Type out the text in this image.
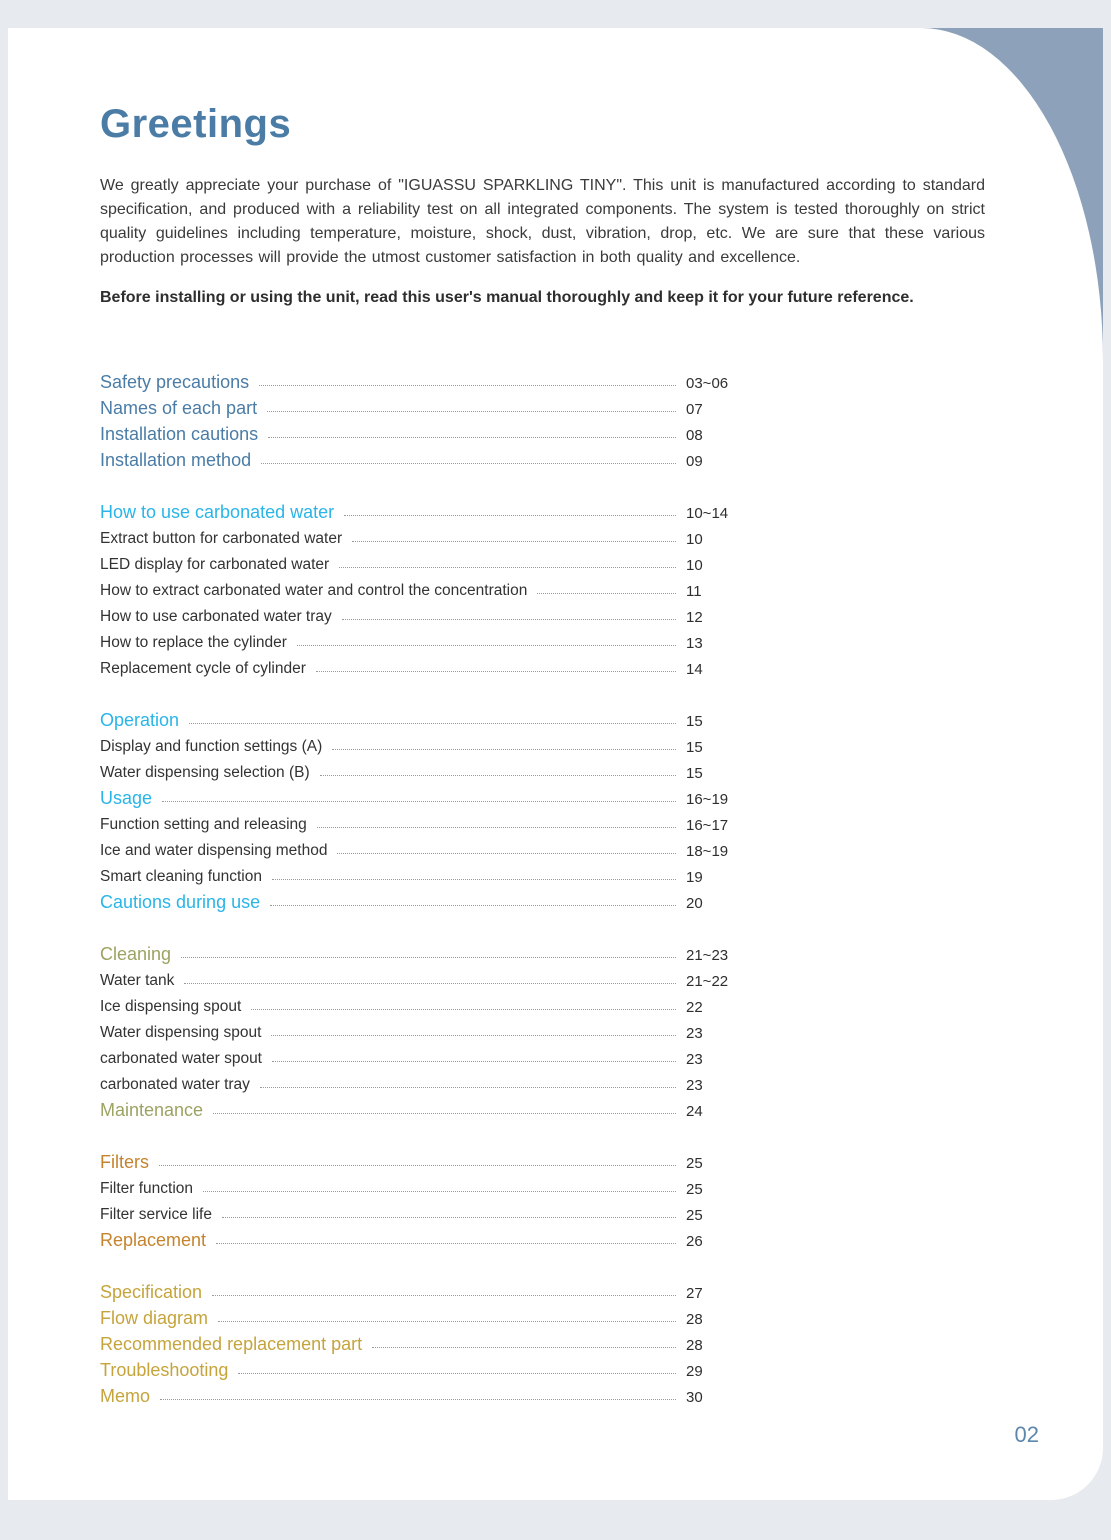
Greetings

We greatly appreciate your purchase of "IGUASSU SPARKLING TINY". This unit is manufactured according to standard specification, and produced with a reliability test on all integrated components. The system is tested thoroughly on strict quality guidelines including temperature, moisture, shock, dust, vibration, drop, etc. We are sure that these various production processes will provide the utmost customer satisfaction in both quality and excellence.

Before installing or using the unit, read this user's manual thoroughly and keep it for your future reference.

Safety precautions	03~06
Names of each part	07
Installation cautions	08
Installation method	09
How to use carbonated water	10~14
Extract button for carbonated water	10
LED display for carbonated water	10
How to extract carbonated water and control the concentration	11
How to use carbonated water tray	12
How to replace the cylinder	13
Replacement cycle of cylinder	14
Operation	15
Display and function settings (A)	15
Water dispensing selection (B)	15
Usage	16~19
Function setting and releasing	16~17
Ice and water dispensing method	18~19
Smart cleaning function	19
Cautions during use	20
Cleaning	21~23
Water tank	21~22
Ice dispensing spout	22
Water dispensing spout	23
carbonated water spout	23
carbonated water tray	23
Maintenance	24
Filters	25
Filter function	25
Filter service life	25
Replacement	26
Specification	27
Flow diagram	28
Recommended replacement part	28
Troubleshooting	29
Memo	30
02
